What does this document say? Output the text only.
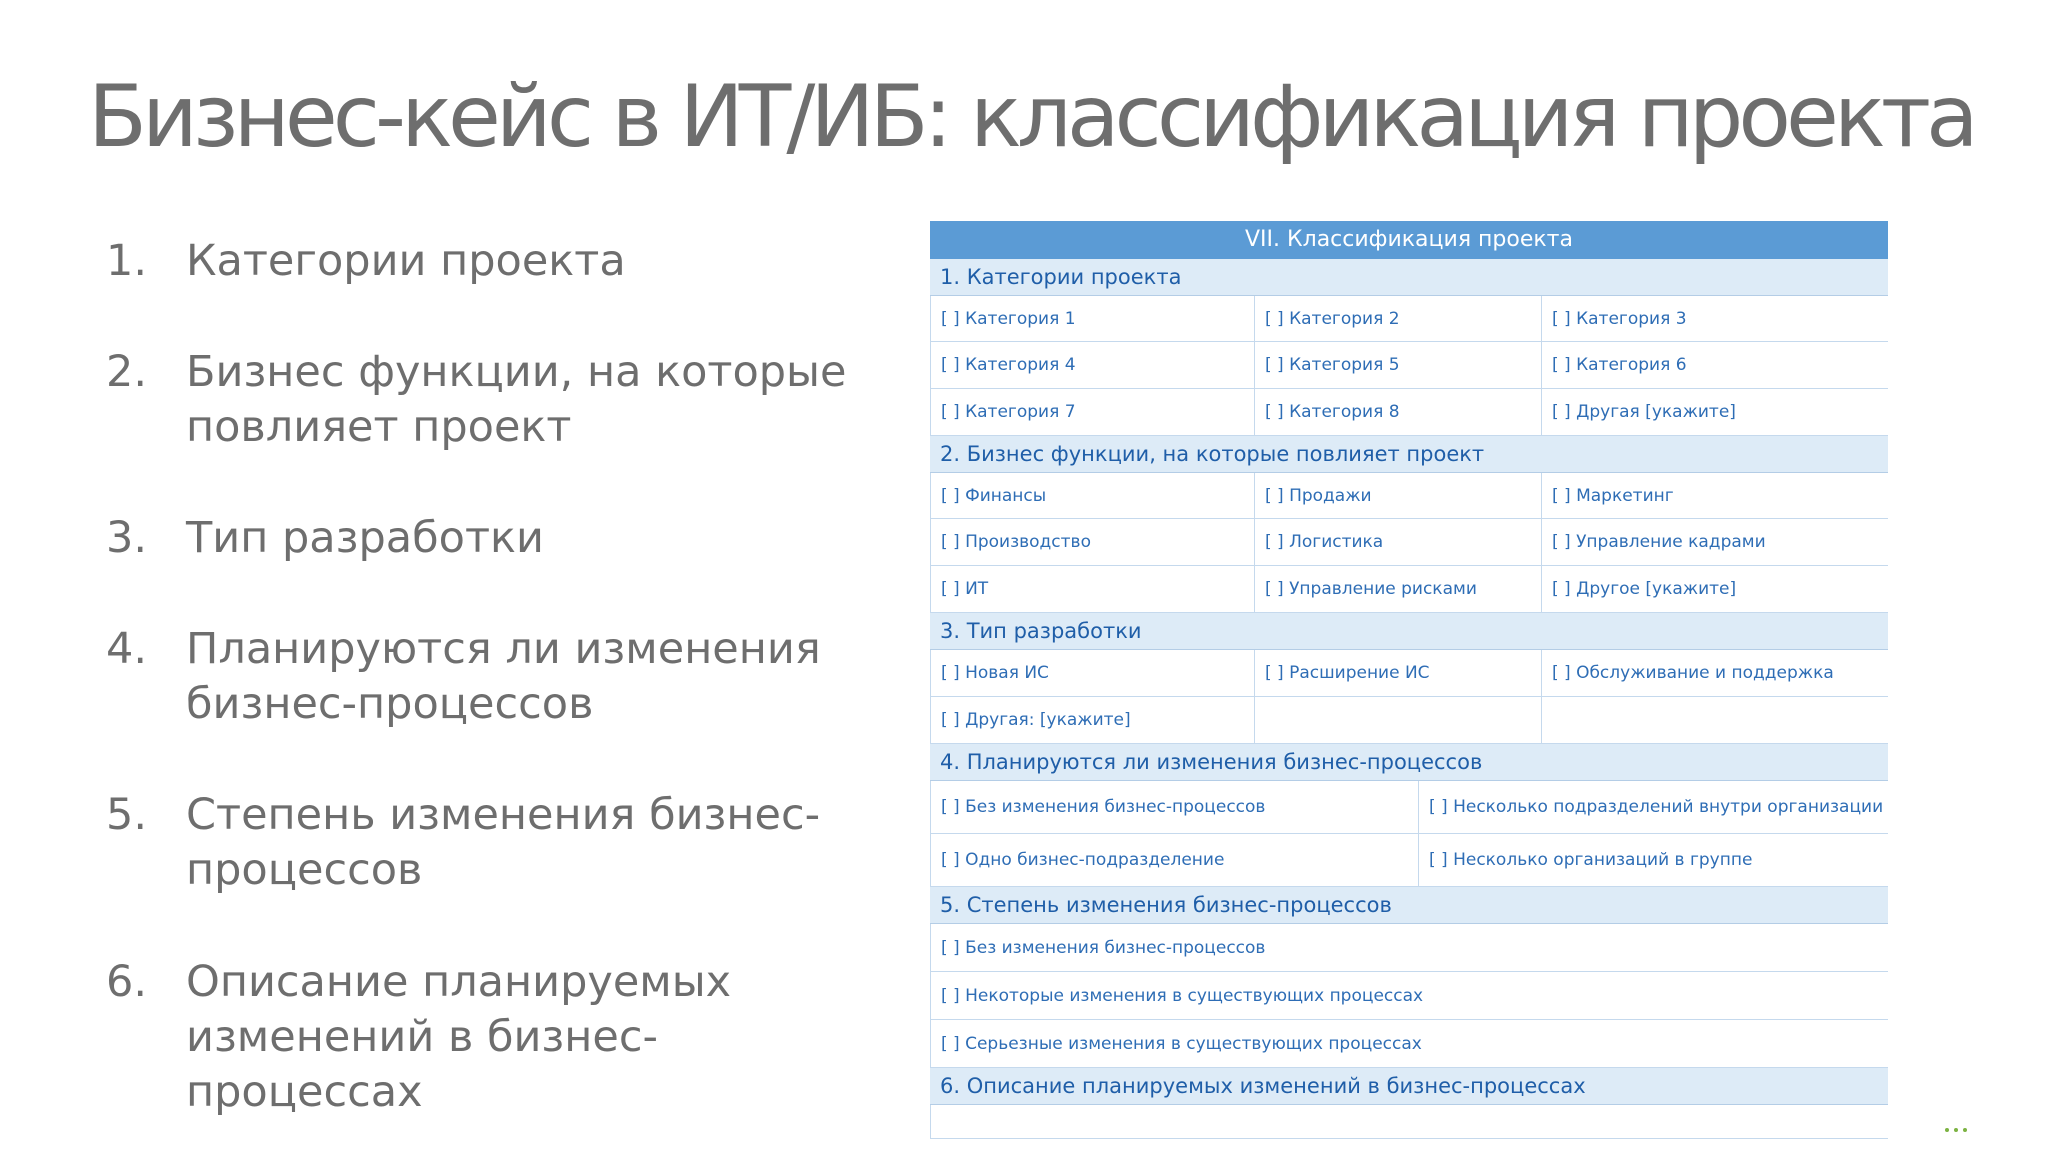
Бизнес-кейс в ИТ/ИБ: классификация проекта
1. Категории проекта
2. Бизнес функции, на которые повлияет проект
3. Тип разработки
4. Планируются ли изменения бизнес-процессов
5. Степень изменения бизнес-процессов
6. Описание планируемых изменений в бизнес-процессах
VII. Классификация проекта
1. Категории проекта
[ ] Категория 1	[ ] Категория 2	[ ] Категория 3
[ ] Категория 4	[ ] Категория 5	[ ] Категория 6
[ ] Категория 7	[ ] Категория 8	[ ] Другая [укажите]
2. Бизнес функции, на которые повлияет проект
[ ] Финансы	[ ] Продажи	[ ] Маркетинг
[ ] Производство	[ ] Логистика	[ ] Управление кадрами
[ ] ИТ	[ ] Управление рисками	[ ] Другое [укажите]
3. Тип разработки
[ ] Новая ИС	[ ] Расширение ИС	[ ] Обслуживание и поддержка
[ ] Другая: [укажите]
4. Планируются ли изменения бизнес-процессов
[ ] Без изменения бизнес-процессов	[ ] Несколько подразделений внутри организации
[ ] Одно бизнес-подразделение	[ ] Несколько организаций в группе
5. Степень изменения бизнес-процессов
[ ] Без изменения бизнес-процессов
[ ] Некоторые изменения в существующих процессах
[ ] Серьезные изменения в существующих процессах
6. Описание планируемых изменений в бизнес-процессах
